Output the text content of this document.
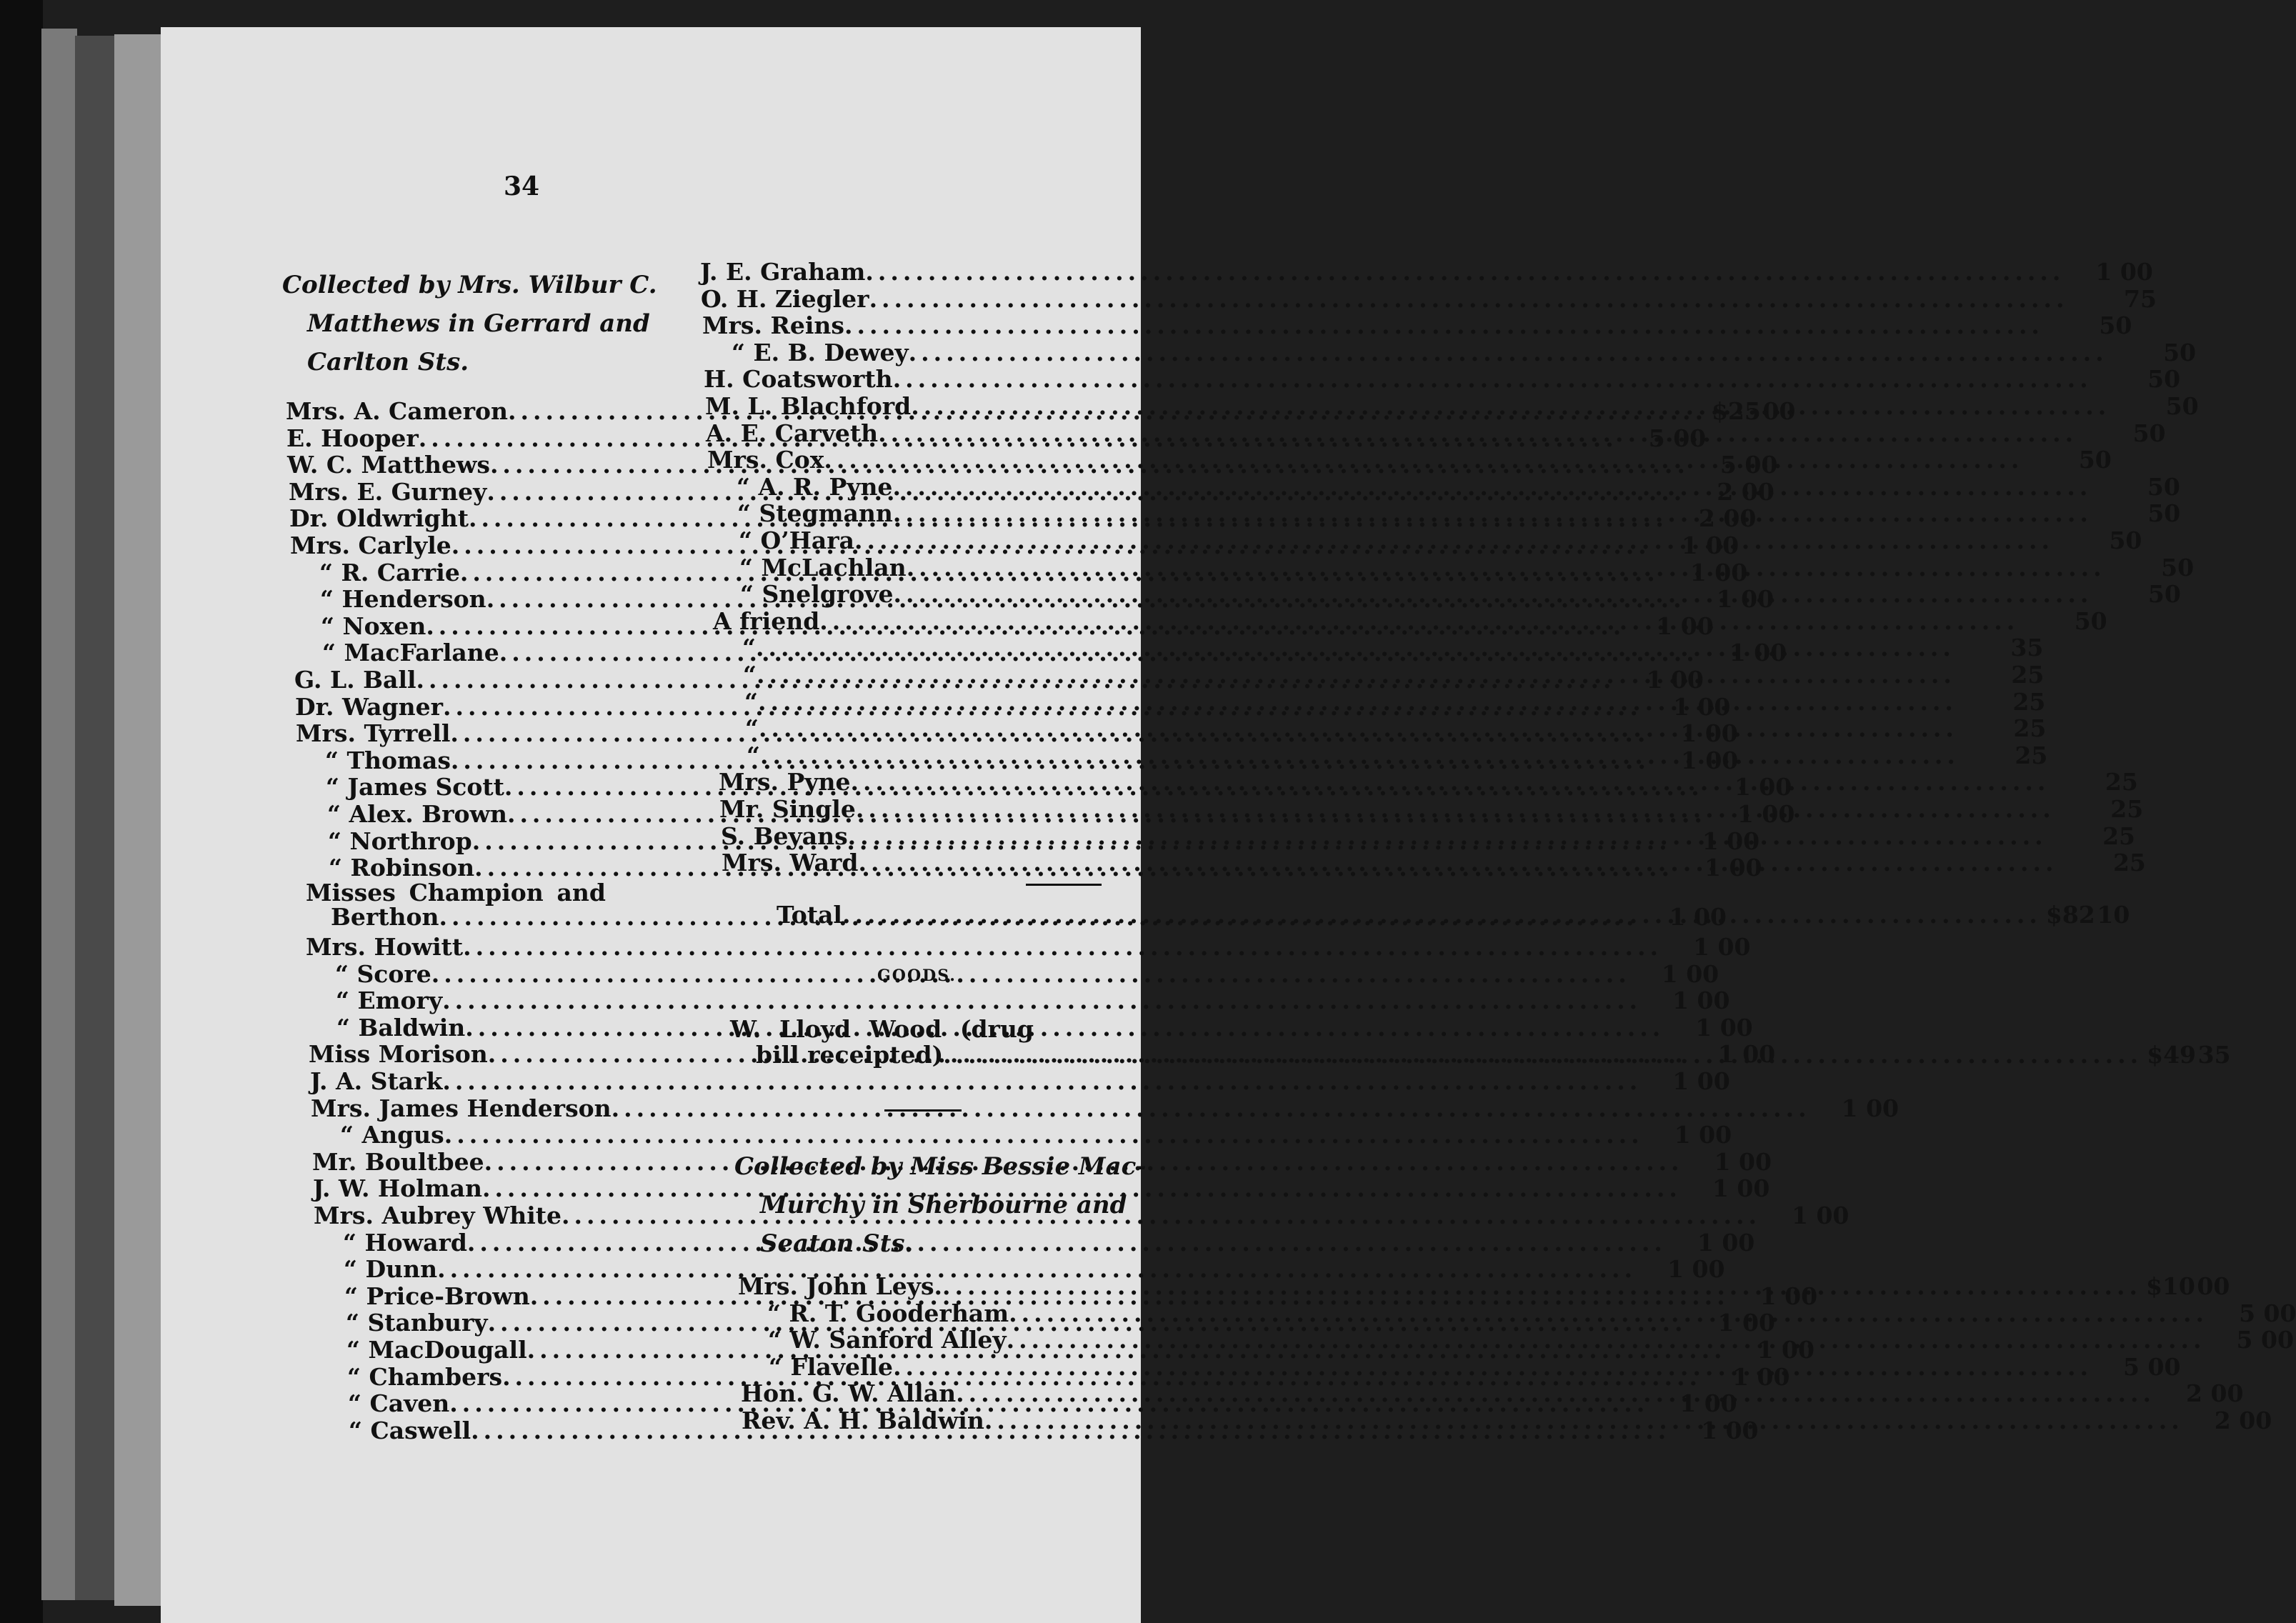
34
Collected by Mrs. Wilbur C.
Matthews in Gerrard and
Carlton Sts.
Mrs. A. Cameron .....	$25 00
E. Hooper .....	5 00
W. C. Matthews .....	5 00
Mrs. E. Gurney .....	2 00
Dr. Oldwright .....	2 00
Mrs. Carlyle .....	1 00
“ R. Carrie .....	1 00
“ Henderson .....	1 00
“ Noxen .....	1 00
“ MacFarlane .....	1 00
G. L. Ball .....	1 00
Dr. Wagner .....	1 00
Mrs. Tyrrell .....	1 00
“ Thomas .....	1 00
“ James Scott .....	1 00
“ Alex. Brown .....	1 00
“ Northrop .....	1 00
“ Robinson .....	1 00
Misses Champion and
Berthon .....	1 00
Mrs. Howitt .....	1 00
“ Score .....	1 00
“ Emory .....	1 00
“ Baldwin .....	1 00
Miss Morison .....	1 00
J. A. Stark .....	1 00
Mrs. James Henderson .....	1 00
“ Angus .....	1 00
Mr. Boultbee .....	1 00
J. W. Holman .....	1 00
Mrs. Aubrey White .....	1 00
“ Howard .....	1 00
“ Dunn .....	1 00
“ Price-Brown .....	1 00
“ Stanbury .....	1 00
“ MacDougall .....	1 00
“ Chambers .....	1 00
“ Caven .....	1 00
“ Caswell .....	1 00
J. E. Graham .....	1 00
O. H. Ziegler .....	75
Mrs. Reins .....	50
“ E. B. Dewey .....	50
H. Coatsworth .....	50
M. L. Blachford .....	50
A. E. Carveth .....	50
Mrs. Cox .....	50
“ A. R. Pyne .....	50
“ Stegmann .....	50
“ O’Hara .....	50
“ McLachlan .....	50
“ Snelgrove .....	50
A friend .....	50
“ .....	35
“ .....	25
“ .....	25
“ .....	25
“ .....	25
Mrs. Pyne .....	25
Mr. Single .....	25
S. Beyans .....	25
Mrs. Ward .....	25
Total .....	$82 10
GOODS.
W. Lloyd Wood (drug
bill receipted) .....	$49 35
Collected by Miss Bessie Mac-
Murchy in Sherbourne and
Seaton Sts.
Mrs. John Leys. .....	$10 00
“ R. T. Gooderham .....	5 00
“ W. Sanford Alley .....	5 00
“ Flavelle .....	5 00
Hon. G. W. Allan .....	2 00
Rev. A. H. Baldwin .....	2 00
